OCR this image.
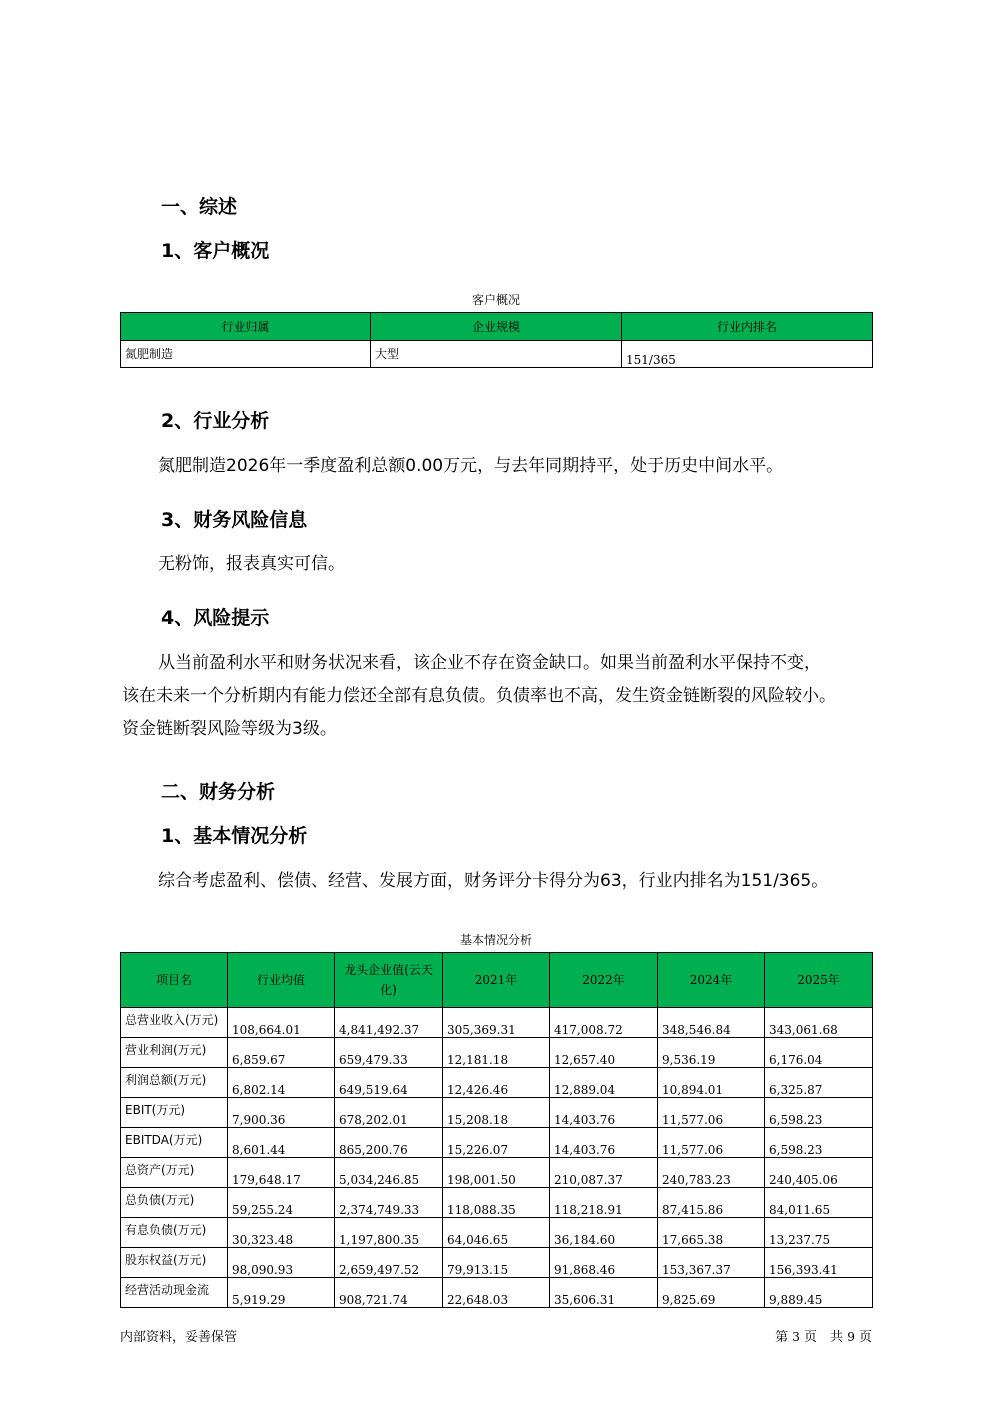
一、综述
1、客户概况
客户概况
行业归属	企业规模	行业内排名
氮肥制造	大型	151/365
2、行业分析
氮肥制造2026年一季度盈利总额0.00万元，与去年同期持平，处于历史中间水平。
3、财务风险信息
无粉饰，报表真实可信。
4、风险提示
从当前盈利水平和财务状况来看，该企业不存在资金缺口。如果当前盈利水平保持不变，
该在未来一个分析期内有能力偿还全部有息负债。负债率也不高，发生资金链断裂的风险较小。
资金链断裂风险等级为3级。
二、财务分析
1、基本情况分析
综合考虑盈利、偿债、经营、发展方面，财务评分卡得分为63，行业内排名为151/365。
基本情况分析
项目名	行业均值	龙头企业值(云天化)	2021年	2022年	2024年	2025年
总营业收入(万元)	108,664.01	4,841,492.37	305,369.31	417,008.72	348,546.84	343,061.68
营业利润(万元)	6,859.67	659,479.33	12,181.18	12,657.40	9,536.19	6,176.04
利润总额(万元)	6,802.14	649,519.64	12,426.46	12,889.04	10,894.01	6,325.87
EBIT(万元)	7,900.36	678,202.01	15,208.18	14,403.76	11,577.06	6,598.23
EBITDA(万元)	8,601.44	865,200.76	15,226.07	14,403.76	11,577.06	6,598.23
总资产(万元)	179,648.17	5,034,246.85	198,001.50	210,087.37	240,783.23	240,405.06
总负债(万元)	59,255.24	2,374,749.33	118,088.35	118,218.91	87,415.86	84,011.65
有息负债(万元)	30,323.48	1,197,800.35	64,046.65	36,184.60	17,665.38	13,237.75
股东权益(万元)	98,090.93	2,659,497.52	79,913.15	91,868.46	153,367.37	156,393.41
经营活动现金流	5,919.29	908,721.74	22,648.03	35,606.31	9,825.69	9,889.45
内部资料，妥善保管	第 3 页　共 9 页
